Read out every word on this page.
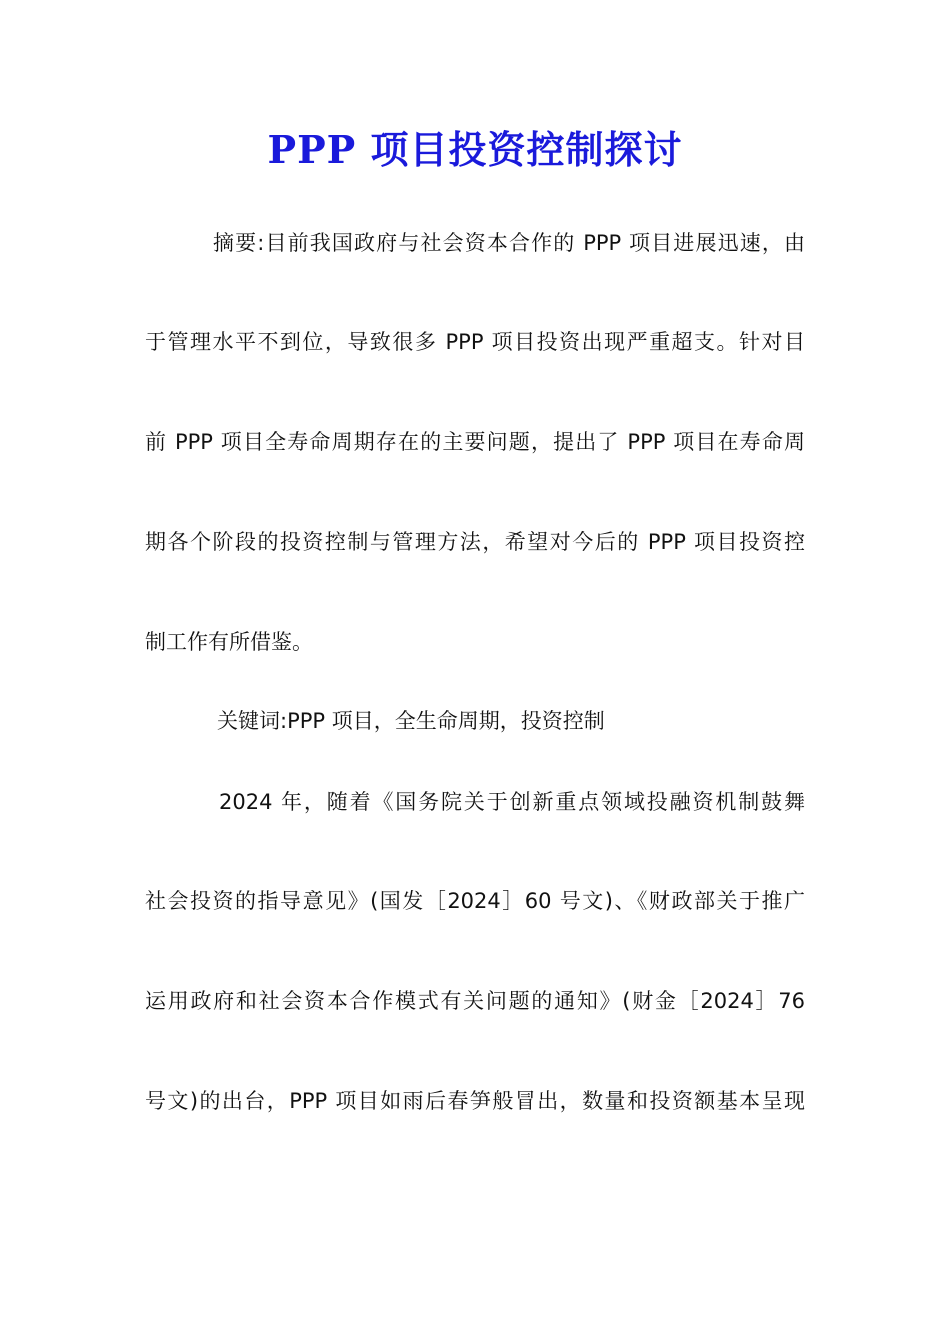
PPP 项目投资控制探讨
摘要:目前我国政府与社会资本合作的 PPP 项目进展迅速，由
于管理水平不到位，导致很多 PPP 项目投资出现严重超支。针对目
前 PPP 项目全寿命周期存在的主要问题，提出了 PPP 项目在寿命周
期各个阶段的投资控制与管理方法，希望对今后的 PPP 项目投资控
制工作有所借鉴。
关键词:PPP 项目，全生命周期，投资控制
2024 年，随着《国务院关于创新重点领域投融资机制鼓舞
社会投资的指导意见》(国发［2024］60 号文)、《财政部关于推广
运用政府和社会资本合作模式有关问题的通知》(财金［2024］76
号文)的出台，PPP 项目如雨后春笋般冒出，数量和投资额基本呈现
